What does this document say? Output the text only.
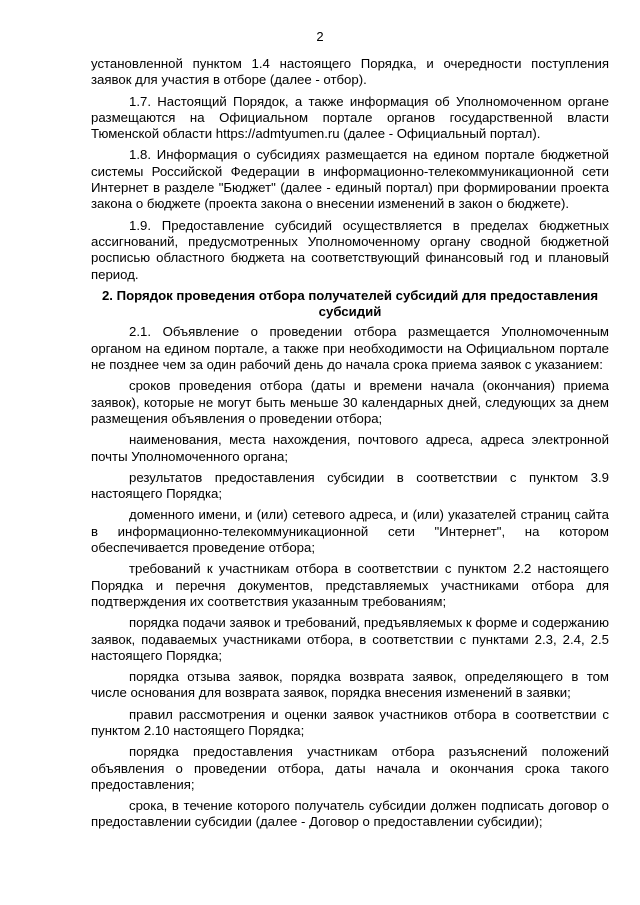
2

установленной пунктом 1.4 настоящего Порядка, и очередности поступления заявок для участия в отборе (далее - отбор).

1.7. Настоящий Порядок, а также информация об Уполномоченном органе размещаются на Официальном портале органов государственной власти Тюменской области https://admtyumen.ru (далее - Официальный портал).

1.8. Информация о субсидиях размещается на едином портале бюджетной системы Российской Федерации в информационно-телекоммуникационной сети Интернет в разделе "Бюджет" (далее - единый портал) при формировании проекта закона о бюджете (проекта закона о внесении изменений в закон о бюджете).

1.9. Предоставление субсидий осуществляется в пределах бюджетных ассигнований, предусмотренных Уполномоченному органу сводной бюджетной росписью областного бюджета на соответствующий финансовый год и плановый период.

2. Порядок проведения отбора получателей субсидий для предоставления субсидий

2.1. Объявление о проведении отбора размещается Уполномоченным органом на едином портале, а также при необходимости на Официальном портале не позднее чем за один рабочий день до начала срока приема заявок с указанием:

сроков проведения отбора (даты и времени начала (окончания) приема заявок), которые не могут быть меньше 30 календарных дней, следующих за днем размещения объявления о проведении отбора;

наименования, места нахождения, почтового адреса, адреса электронной почты Уполномоченного органа;

результатов предоставления субсидии в соответствии с пунктом 3.9 настоящего Порядка;

доменного имени, и (или) сетевого адреса, и (или) указателей страниц сайта в информационно-телекоммуникационной сети "Интернет", на котором обеспечивается проведение отбора;

требований к участникам отбора в соответствии с пунктом 2.2 настоящего Порядка и перечня документов, представляемых участниками отбора для подтверждения их соответствия указанным требованиям;

порядка подачи заявок и требований, предъявляемых к форме и содержанию заявок, подаваемых участниками отбора, в соответствии с пунктами 2.3, 2.4, 2.5 настоящего Порядка;

порядка отзыва заявок, порядка возврата заявок, определяющего в том числе основания для возврата заявок, порядка внесения изменений в заявки;

правил рассмотрения и оценки заявок участников отбора в соответствии с пунктом 2.10 настоящего Порядка;

порядка предоставления участникам отбора разъяснений положений объявления о проведении отбора, даты начала и окончания срока такого предоставления;

срока, в течение которого получатель субсидии должен подписать договор о предоставлении субсидии (далее - Договор о предоставлении субсидии);
